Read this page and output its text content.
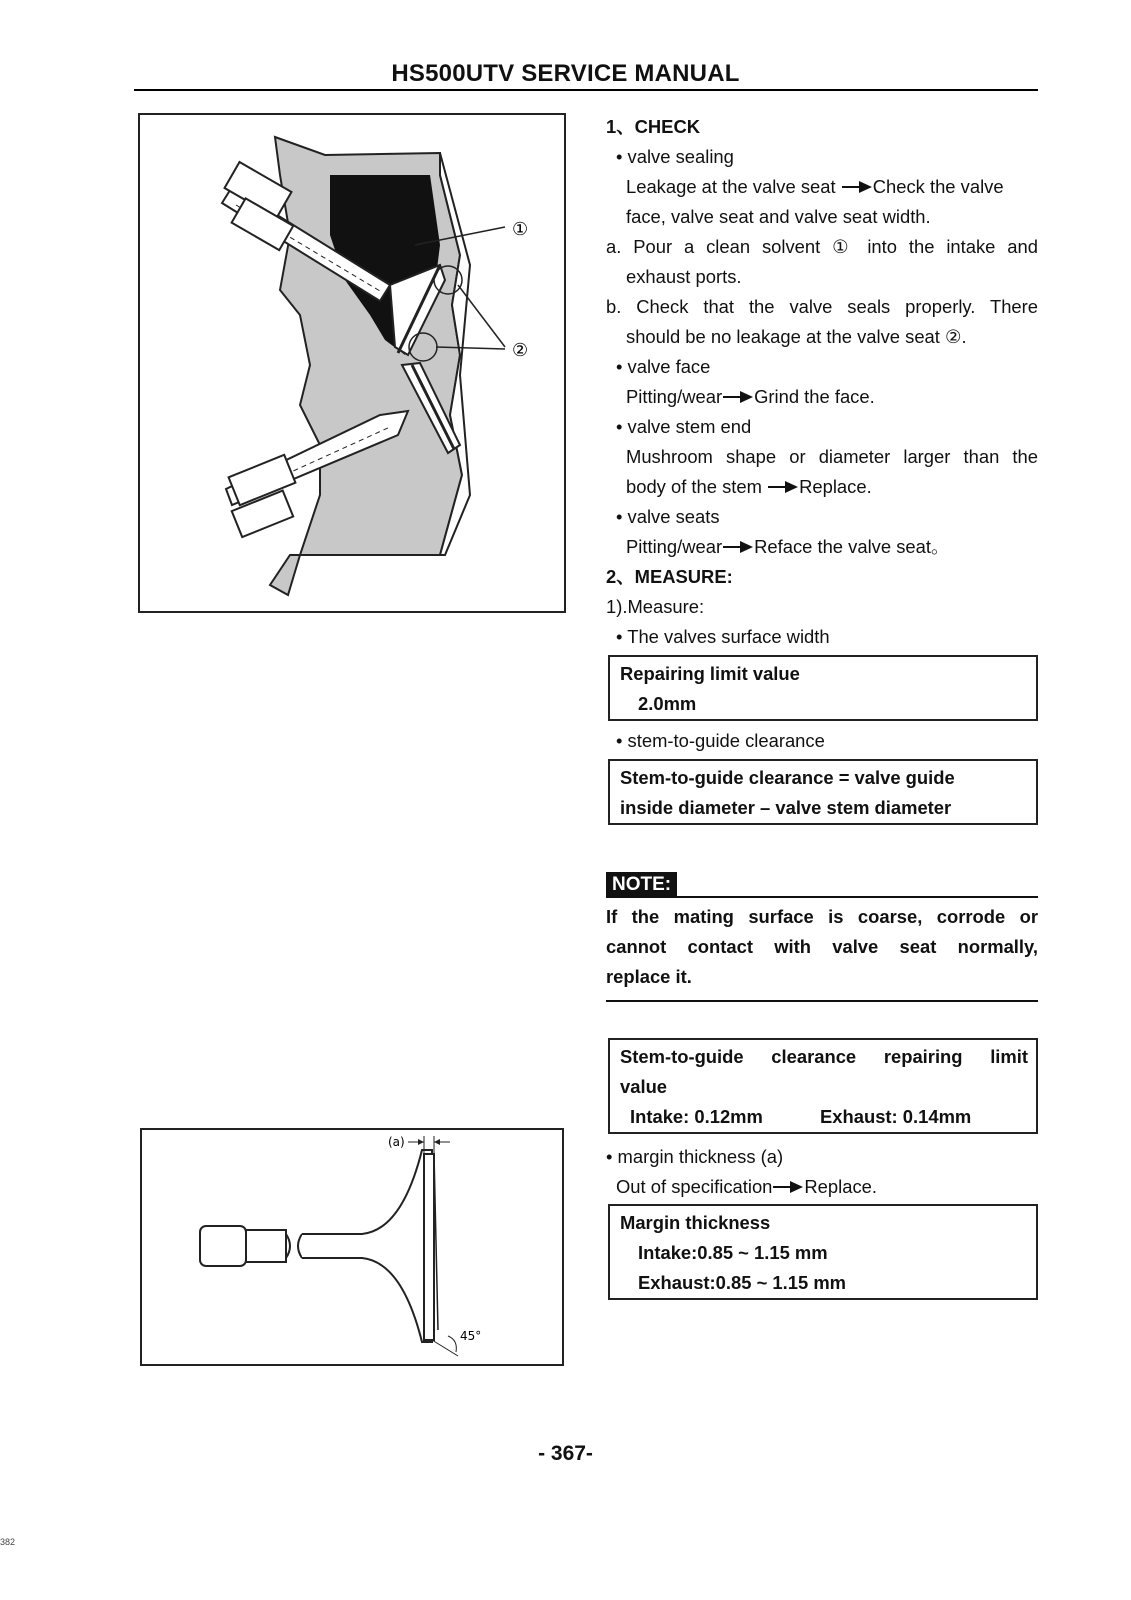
HS500UTV SERVICE MANUAL
①
②
(a)
45°
1、CHECK
• valve sealing
Leakage at the valve seat Check the valve
face, valve seat and valve seat width.
a. Pour a clean solvent ① into the intake and
exhaust ports.
b. Check that the valve seals properly. There
should be no leakage at the valve seat ②.
• valve face
Pitting/wear Grind the face.
• valve stem end
Mushroom shape or diameter larger than the
body of the stem Replace.
• valve seats
Pitting/wear Reface the valve seat。
2、MEASURE:
1).Measure:
• The valves surface width
Repairing limit value
2.0mm
• stem-to-guide clearance
Stem-to-guide clearance = valve guide
inside diameter – valve stem diameter
NOTE:
If the mating surface is coarse, corrode or
cannot contact with valve seat normally,
replace it.
Stem-to-guide clearance repairing limit
value
Intake: 0.12mm	Exhaust: 0.14mm
• margin thickness (a)
Out of specification Replace.
Margin thickness
Intake:0.85 ~ 1.15 mm
Exhaust:0.85 ~ 1.15 mm
- 367-
382
